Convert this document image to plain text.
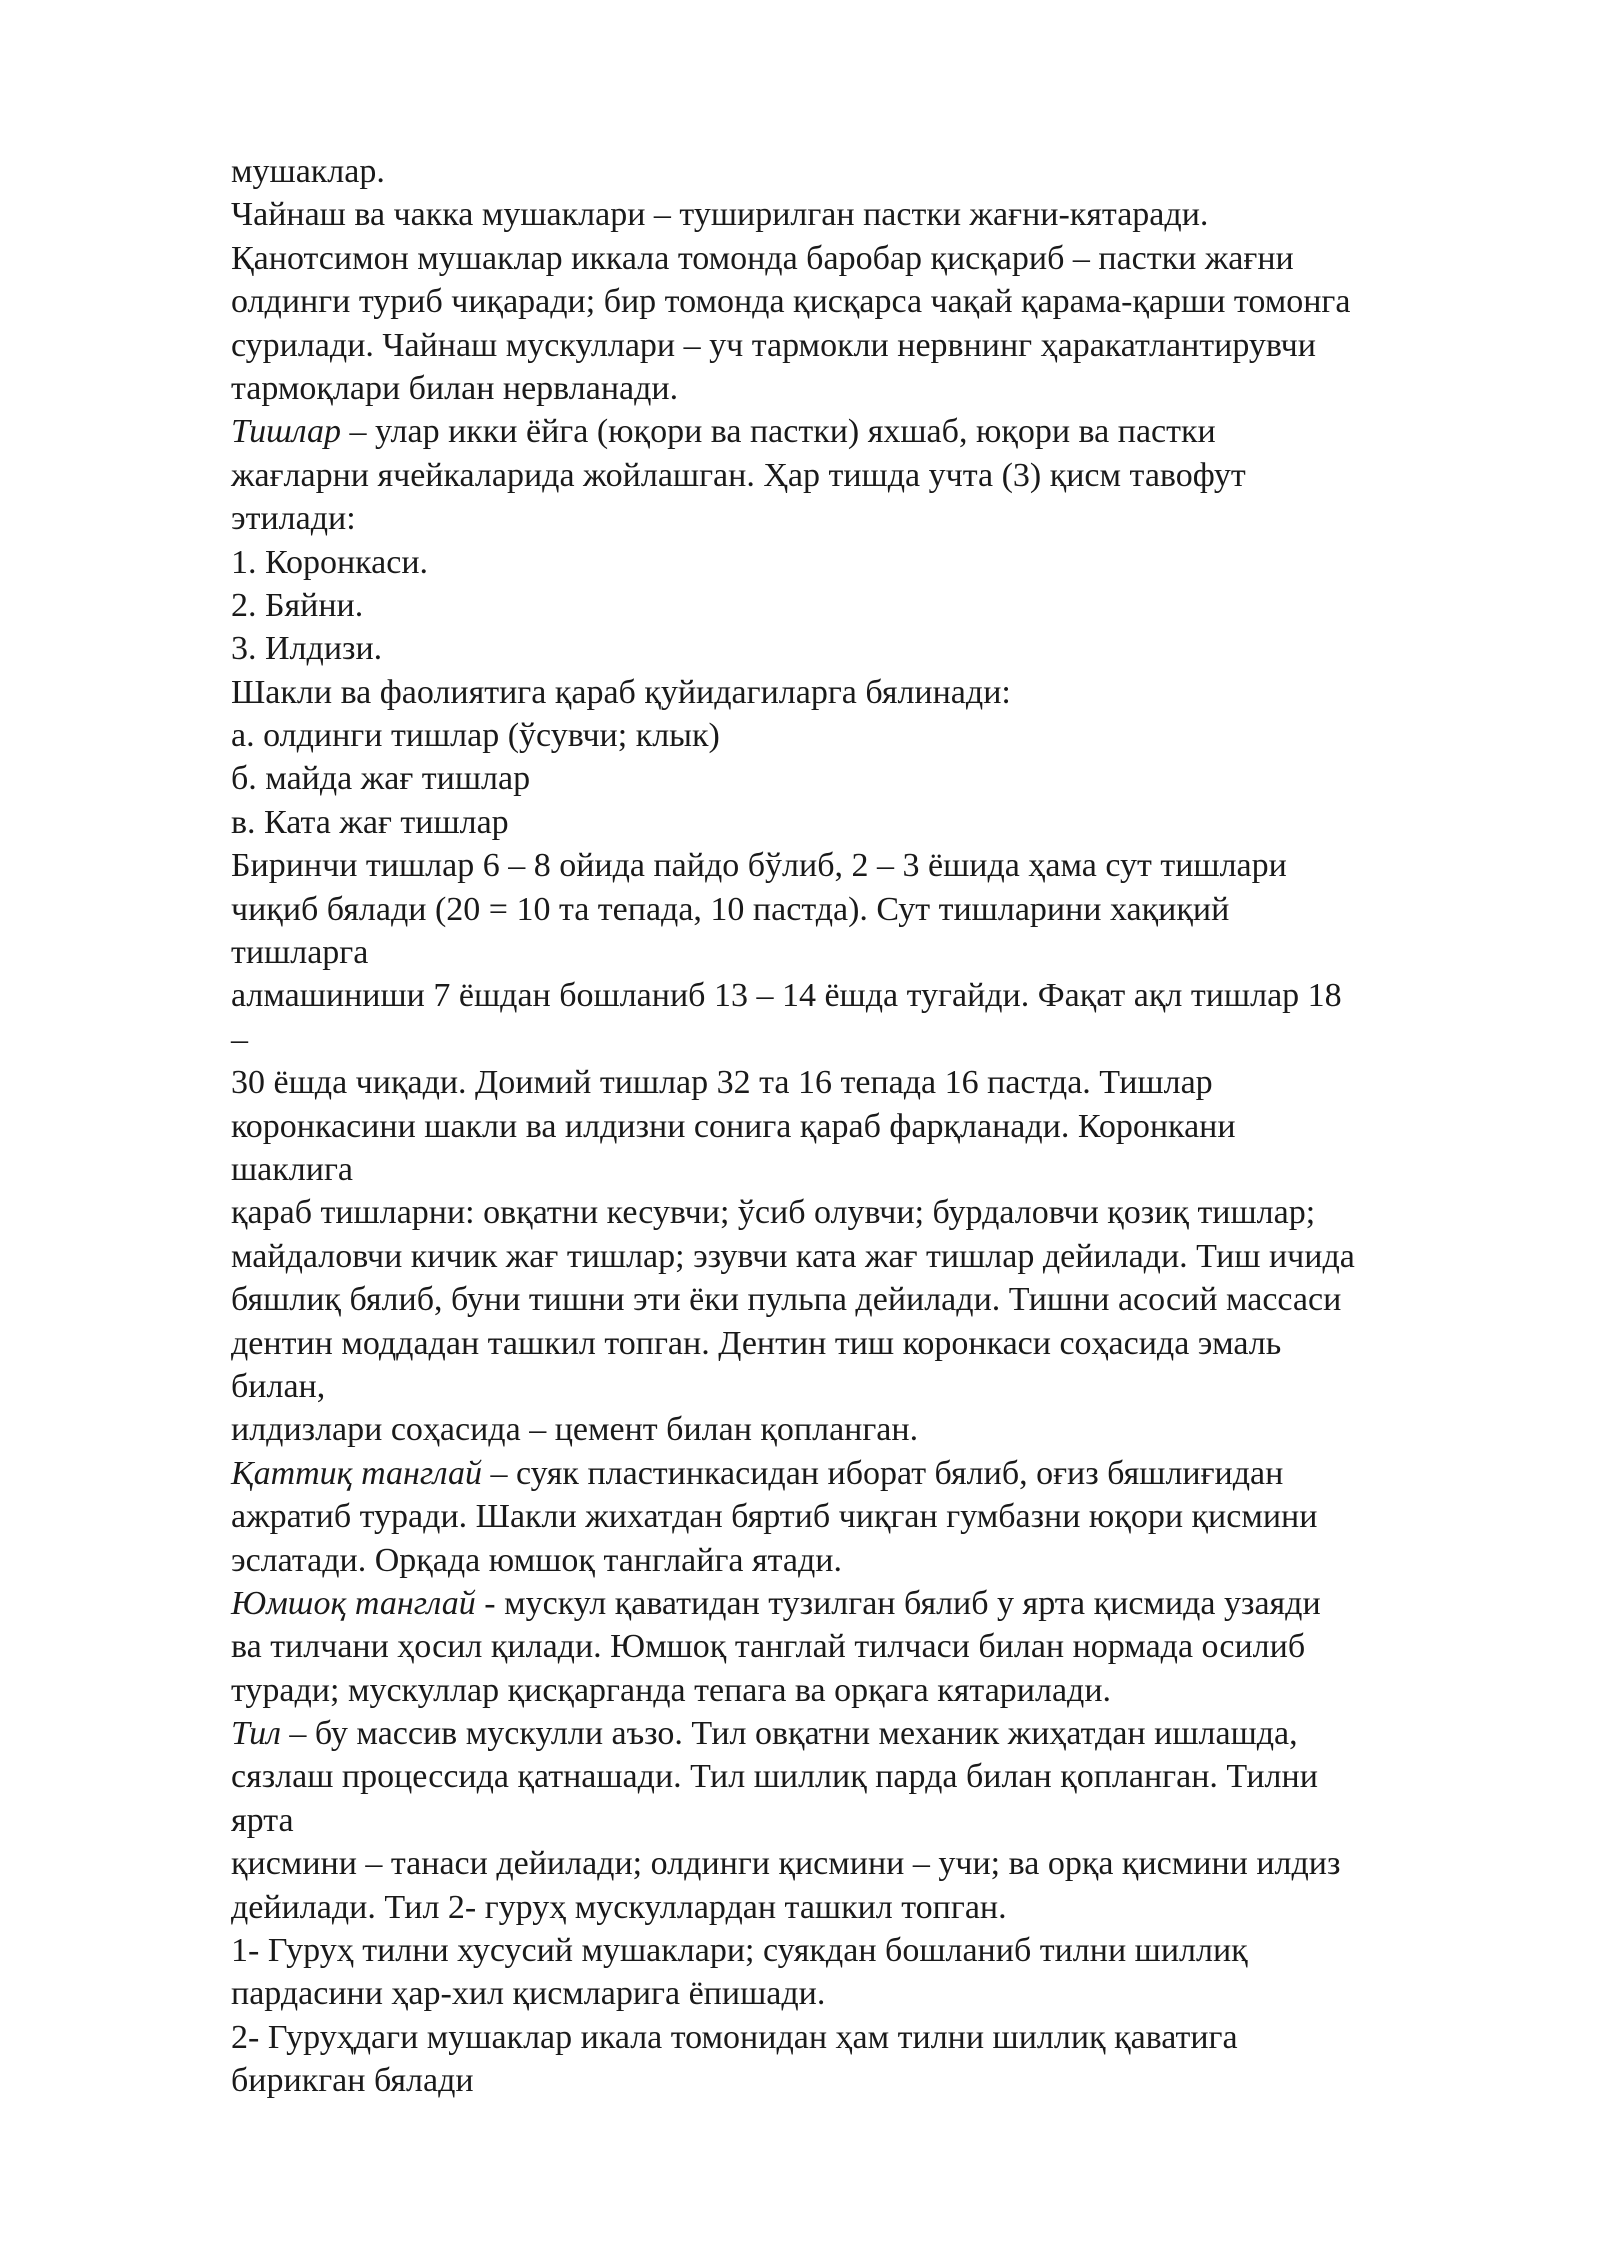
мушаклар.
Чайнаш ва чакка мушаклари – туширилган пастки жағни-кятаради.
Қанотсимон мушаклар иккала томонда баробар қисқариб – пастки жағни
олдинги туриб чиқаради; бир томонда қисқарса чақай қарама-қарши томонга
сурилади. Чайнаш мускуллари – уч тармокли нервнинг ҳаракатлантирувчи
тармоқлари билан нервланади.
Тишлар – улар икки ёйга (юқори ва пастки) яхшаб, юқори ва пастки
жағларни ячейкаларида жойлашган. Ҳар тишда учта (3) қисм тавофут
этилади:
1. Коронкаси.
2. Бяйни.
3. Илдизи.
Шакли ва фаолиятига қараб қуйидагиларга бялинади:
а. олдинги тишлар (ўсувчи; клык)
б. майда жағ тишлар
в. Ката жағ тишлар
Биринчи тишлар 6 – 8 ойида пайдо бўлиб, 2 – 3 ёшида ҳама сут тишлари
чиқиб бялади (20 = 10 та тепада, 10 пастда). Сут тишларини хақиқий
тишларга
алмашиниши 7 ёшдан бошланиб 13 – 14 ёшда тугайди. Фақат ақл тишлар 18
–
30 ёшда чиқади. Доимий тишлар 32 та 16 тепада 16 пастда. Тишлар
коронкасини шакли ва илдизни сонига қараб фарқланади. Коронкани
шаклига
қараб тишларни: овқатни кесувчи; ўсиб олувчи; бурдаловчи қозиқ тишлар;
майдаловчи кичик жағ тишлар; эзувчи ката жағ тишлар дейилади. Тиш ичида
бяшлиқ бялиб, буни тишни эти ёки пульпа дейилади. Тишни асосий массаси
дентин моддадан ташкил топган. Дентин тиш коронкаси соҳасида эмаль
билан,
илдизлари соҳасида – цемент билан қопланган.
Қаттиқ танглай – суяк пластинкасидан иборат бялиб, оғиз бяшлиғидан
ажратиб туради. Шакли жихатдан бяртиб чиқган гумбазни юқори қисмини
эслатади. Орқада юмшоқ танглайга ятади.
Юмшоқ танглай - мускул қаватидан тузилган бялиб у ярта қисмида узаяди
ва тилчани ҳосил қилади. Юмшоқ танглай тилчаси билан нормада осилиб
туради; мускуллар қисқарганда тепага ва орқага кятарилади.
Тил – бу массив мускулли аъзо. Тил овқатни механик жиҳатдан ишлашда,
сязлаш процессида қатнашади. Тил шиллиқ парда билан қопланган. Тилни
ярта
қисмини – танаси дейилади; олдинги қисмини – учи; ва орқа қисмини илдиз
дейилади. Тил 2- гуруҳ мускуллардан ташкил топган.
1- Гуруҳ тилни хусусий мушаклари; суякдан бошланиб тилни шиллиқ
пардасини ҳар-хил қисмларига ёпишади.
2- Гуруҳдаги мушаклар икала томонидан ҳам тилни шиллиқ қаватига
бирикган бялади
